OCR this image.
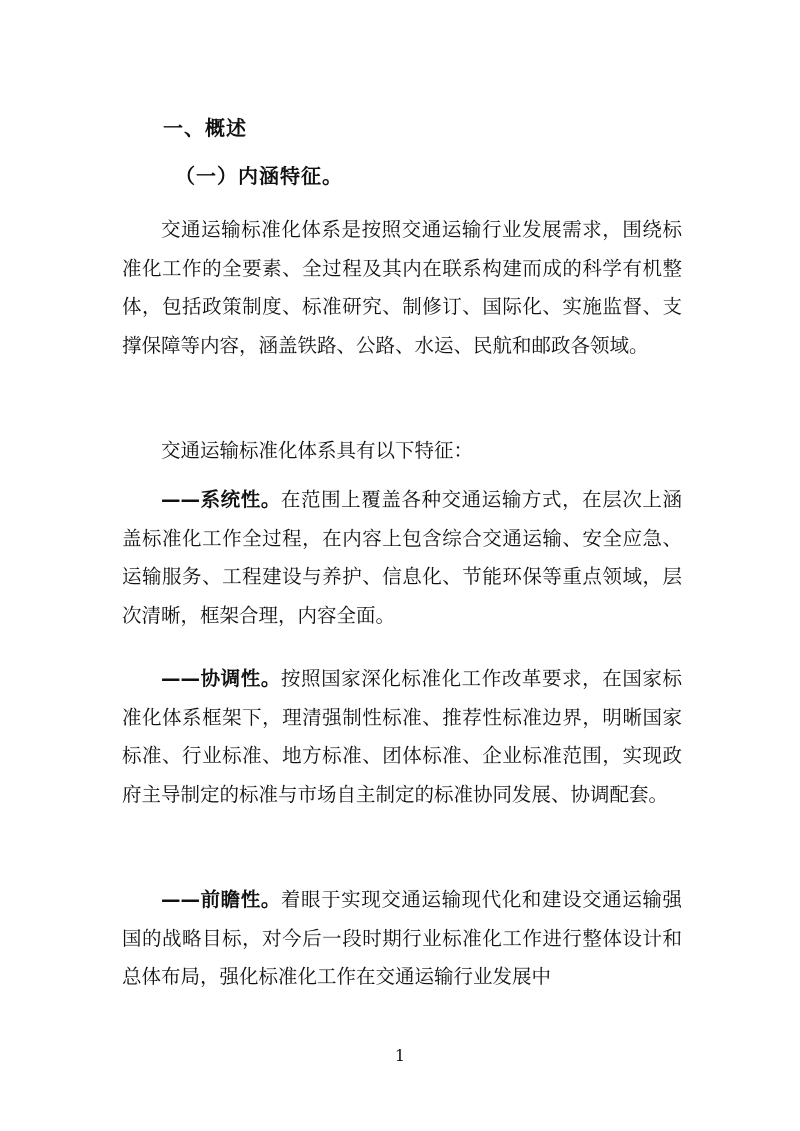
一、概述
（一）内涵特征。

交通运输标准化体系是按照交通运输行业发展需求，围绕标准化工作的全要素、全过程及其内在联系构建而成的科学有机整体，包括政策制度、标准研究、制修订、国际化、实施监督、支撑保障等内容，涵盖铁路、公路、水运、民航和邮政各领域。

交通运输标准化体系具有以下特征：

——系统性。在范围上覆盖各种交通运输方式，在层次上涵盖标准化工作全过程，在内容上包含综合交通运输、安全应急、运输服务、工程建设与养护、信息化、节能环保等重点领域，层次清晰，框架合理，内容全面。

——协调性。按照国家深化标准化工作改革要求，在国家标准化体系框架下，理清强制性标准、推荐性标准边界，明晰国家标准、行业标准、地方标准、团体标准、企业标准范围，实现政府主导制定的标准与市场自主制定的标准协同发展、协调配套。

——前瞻性。着眼于实现交通运输现代化和建设交通运输强国的战略目标，对今后一段时期行业标准化工作进行整体设计和总体布局，强化标准化工作在交通运输行业发展中

1
